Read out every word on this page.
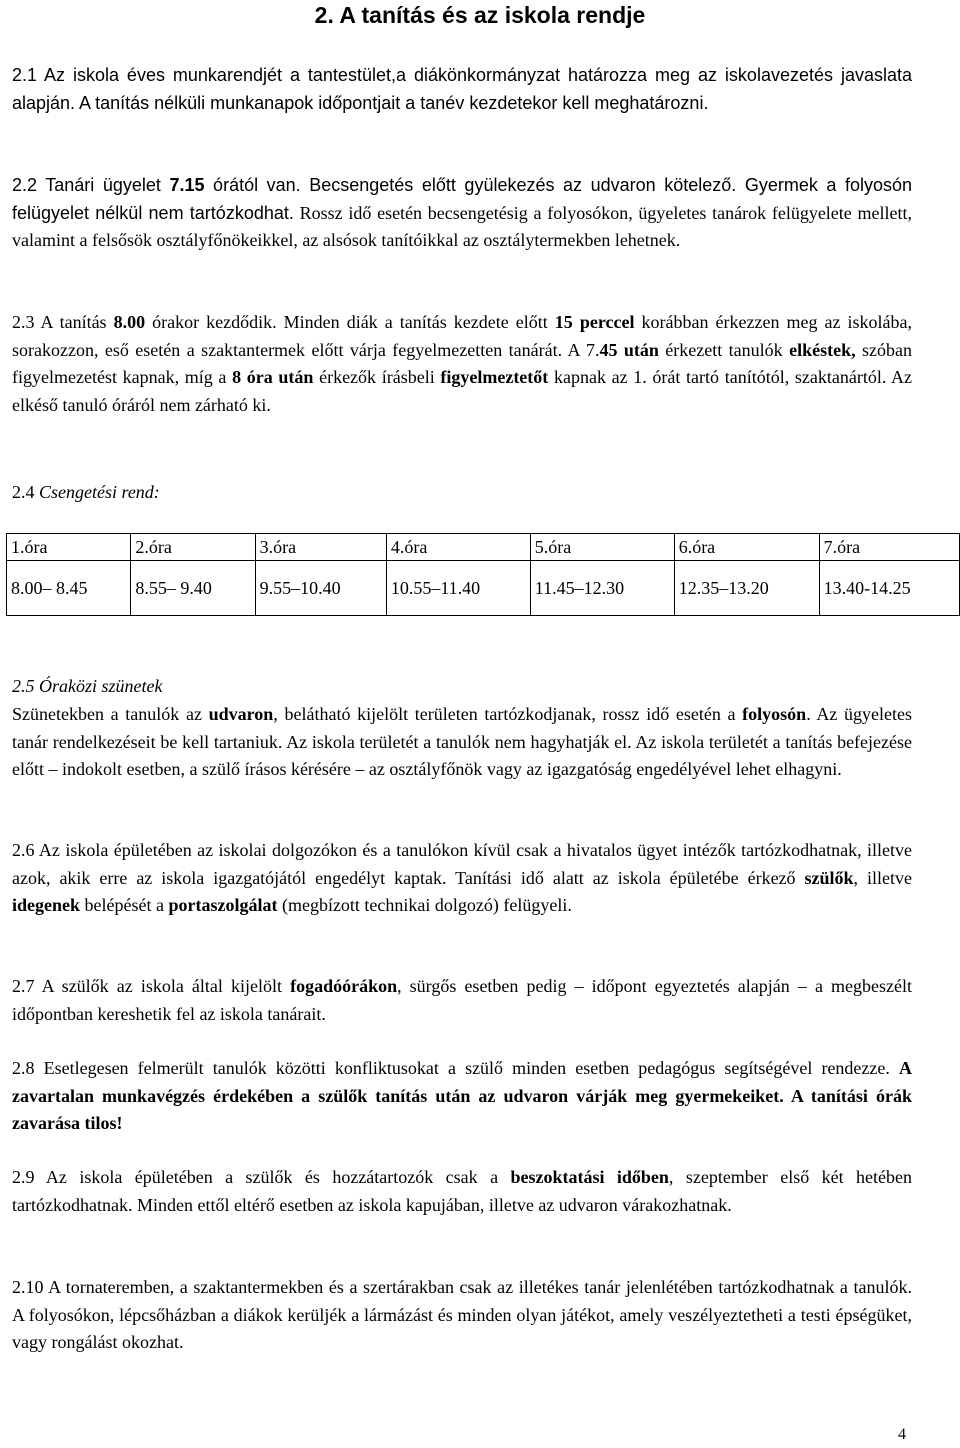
2. A tanítás és az iskola rendje
2.1 Az iskola éves munkarendjét a tantestület,a diákönkormányzat határozza meg az iskolavezetés javaslata alapján. A tanítás nélküli munkanapok időpontjait a tanév kezdetekor kell meghatározni.
2.2 Tanári ügyelet 7.15 órától van. Becsengetés előtt gyülekezés az udvaron kötelező. Gyermek a folyosón felügyelet nélkül nem tartózkodhat. Rossz idő esetén becsengetésig a folyosókon, ügyeletes tanárok felügyelete mellett, valamint a felsősök osztályfőnökeikkel, az alsósok tanítóikkal az osztálytermekben lehetnek.
2.3 A tanítás 8.00 órakor kezdődik. Minden diák a tanítás kezdete előtt 15 perccel korábban érkezzen meg az iskolába, sorakozzon, eső esetén a szaktantermek előtt várja fegyelmezetten tanárát. A 7.45 után érkezett tanulók elkéstek, szóban figyelmezetést kapnak, míg a 8 óra után érkezők írásbeli figyelmeztetőt kapnak az 1. órát tartó tanítótól, szaktanártól. Az elkéső tanuló óráról nem zárható ki.
2.4 Csengetési rend:
1.óra	2.óra	3.óra	4.óra	5.óra	6.óra	7.óra
8.00– 8.45	8.55– 9.40	9.55–10.40	10.55–11.40	11.45–12.30	12.35–13.20	13.40-14.25
2.5 Óraközi szünetek
Szünetekben a tanulók az udvaron, belátható kijelölt területen tartózkodjanak, rossz idő esetén a folyosón. Az ügyeletes tanár rendelkezéseit be kell tartaniuk. Az iskola területét a tanulók nem hagyhatják el. Az iskola területét a tanítás befejezése előtt – indokolt esetben, a szülő írásos kérésére – az osztályfőnök vagy az igazgatóság engedélyével lehet elhagyni.
2.6 Az iskola épületében az iskolai dolgozókon és a tanulókon kívül csak a hivatalos ügyet intézők tartózkodhatnak, illetve azok, akik erre az iskola igazgatójától engedélyt kaptak. Tanítási idő alatt az iskola épületébe érkező szülők, illetve idegenek belépését a portaszolgálat (megbízott technikai dolgozó) felügyeli.
2.7 A szülők az iskola által kijelölt fogadóórákon, sürgős esetben pedig – időpont egyeztetés alapján – a megbeszélt időpontban kereshetik fel az iskola tanárait.
2.8 Esetlegesen felmerült tanulók közötti konfliktusokat a szülő minden esetben pedagógus segítségével rendezze. A zavartalan munkavégzés érdekében a szülők tanítás után az udvaron várják meg gyermekeiket. A tanítási órák zavarása tilos!
2.9 Az iskola épületében a szülők és hozzátartozók csak a beszoktatási időben, szeptember első két hetében tartózkodhatnak. Minden ettől eltérő esetben az iskola kapujában, illetve az udvaron várakozhatnak.
2.10 A tornateremben, a szaktantermekben és a szertárakban csak az illetékes tanár jelenlétében tartózkodhatnak a tanulók. A folyosókon, lépcsőházban a diákok kerüljék a lármázást és minden olyan játékot, amely veszélyeztetheti a testi épségüket, vagy rongálást okozhat.
4
